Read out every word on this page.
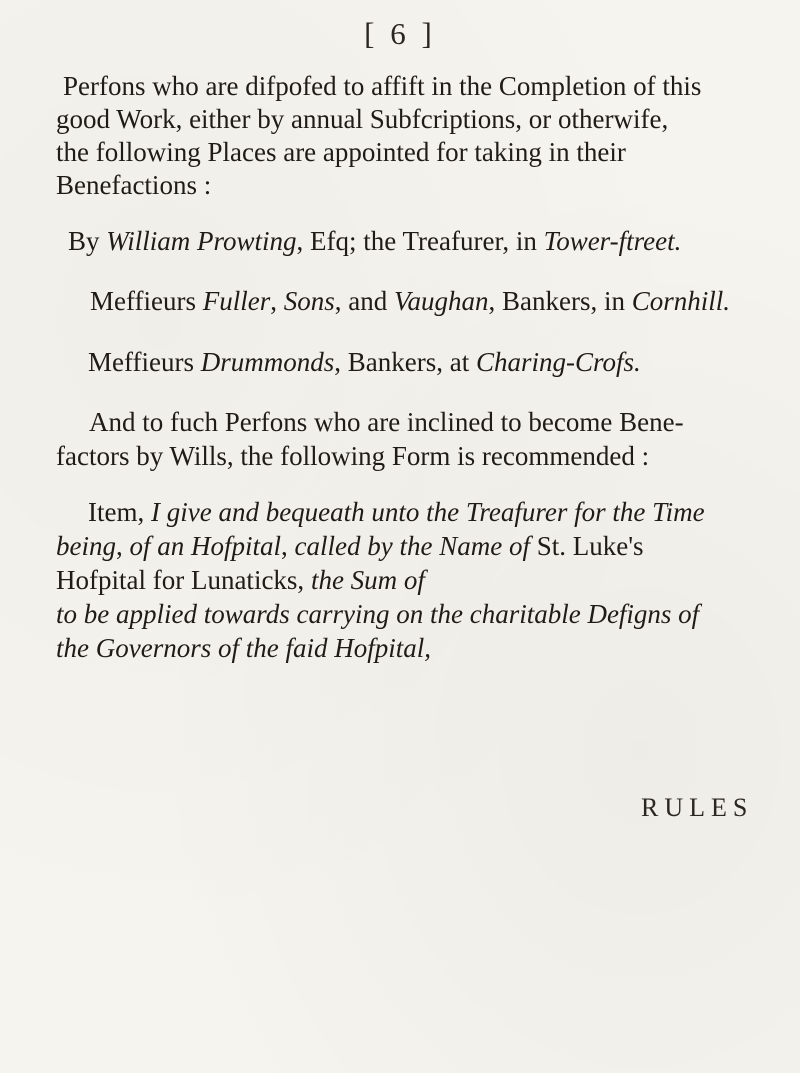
[ 6 ]
Perfons who are difpofed to affift in the Completion of this
good Work, either by annual Subfcriptions, or otherwife,
the following Places are appointed for taking in their
Benefactions :
By William Prowting, Efq; the Treafurer, in Tower-ftreet.
Meffieurs Fuller, Sons, and Vaughan, Bankers, in Cornhill.
Meffieurs Drummonds, Bankers, at Charing-Crofs.
And to fuch Perfons who are inclined to become Bene-
factors by Wills, the following Form is recommended :
Item, I give and bequeath unto the Treafurer for the Time
being, of an Hofpital, called by the Name of St. Luke's
Hofpital for Lunaticks, the Sum of
to be applied towards carrying on the charitable Defigns of
the Governors of the faid Hofpital,
RULES
